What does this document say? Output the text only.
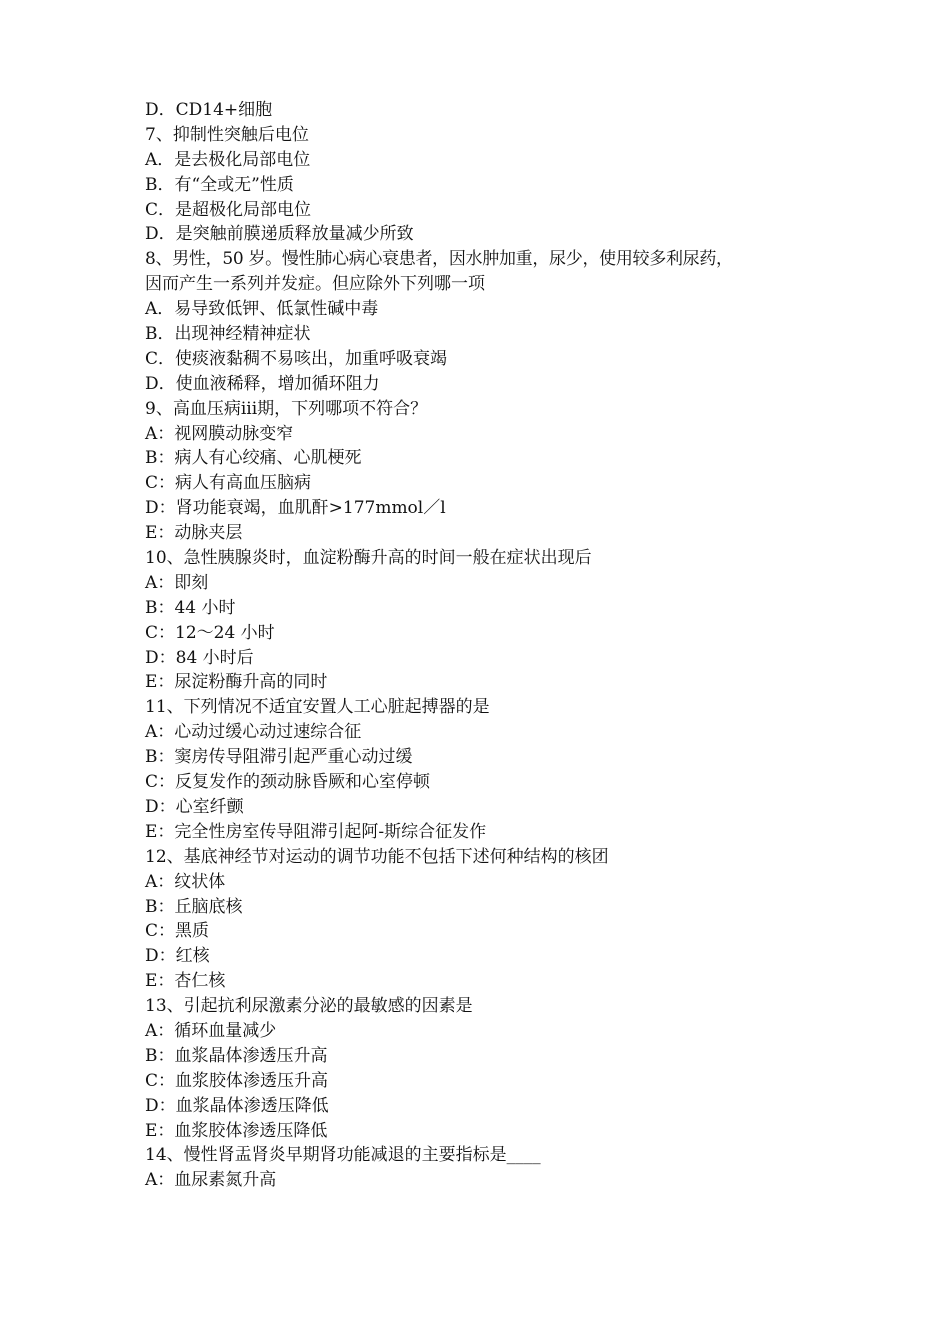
D．CD14+细胞
7、抑制性突触后电位
A．是去极化局部电位
B．有“全或无”性质
C．是超极化局部电位
D．是突触前膜递质释放量减少所致
8、男性，50 岁。慢性肺心病心衰患者，因水肿加重，尿少，使用较多利尿药，
因而产生一系列并发症。但应除外下列哪一项
A．易导致低钾、低氯性碱中毒
B．出现神经精神症状
C．使痰液黏稠不易咳出，加重呼吸衰竭
D．使血液稀释，增加循环阻力
9、高血压病iii期，下列哪项不符合？
A：视网膜动脉变窄
B：病人有心绞痛、心肌梗死
C：病人有高血压脑病
D：肾功能衰竭，血肌酐>177mmol／l
E：动脉夹层
10、急性胰腺炎时，血淀粉酶升高的时间一般在症状出现后
A：即刻
B：44 小时
C：12～24 小时
D：84 小时后
E：尿淀粉酶升高的同时
11、下列情况不适宜安置人工心脏起搏器的是
A：心动过缓心动过速综合征
B：窦房传导阻滞引起严重心动过缓
C：反复发作的颈动脉昏厥和心室停顿
D：心室纤颤
E：完全性房室传导阻滞引起阿-斯综合征发作
12、基底神经节对运动的调节功能不包括下述何种结构的核团
A：纹状体
B：丘脑底核
C：黑质
D：红核
E：杏仁核
13、引起抗利尿激素分泌的最敏感的因素是
A：循环血量减少
B：血浆晶体渗透压升高
C：血浆胶体渗透压升高
D：血浆晶体渗透压降低
E：血浆胶体渗透压降低
14、慢性肾盂肾炎早期肾功能减退的主要指标是____
A：血尿素氮升高
